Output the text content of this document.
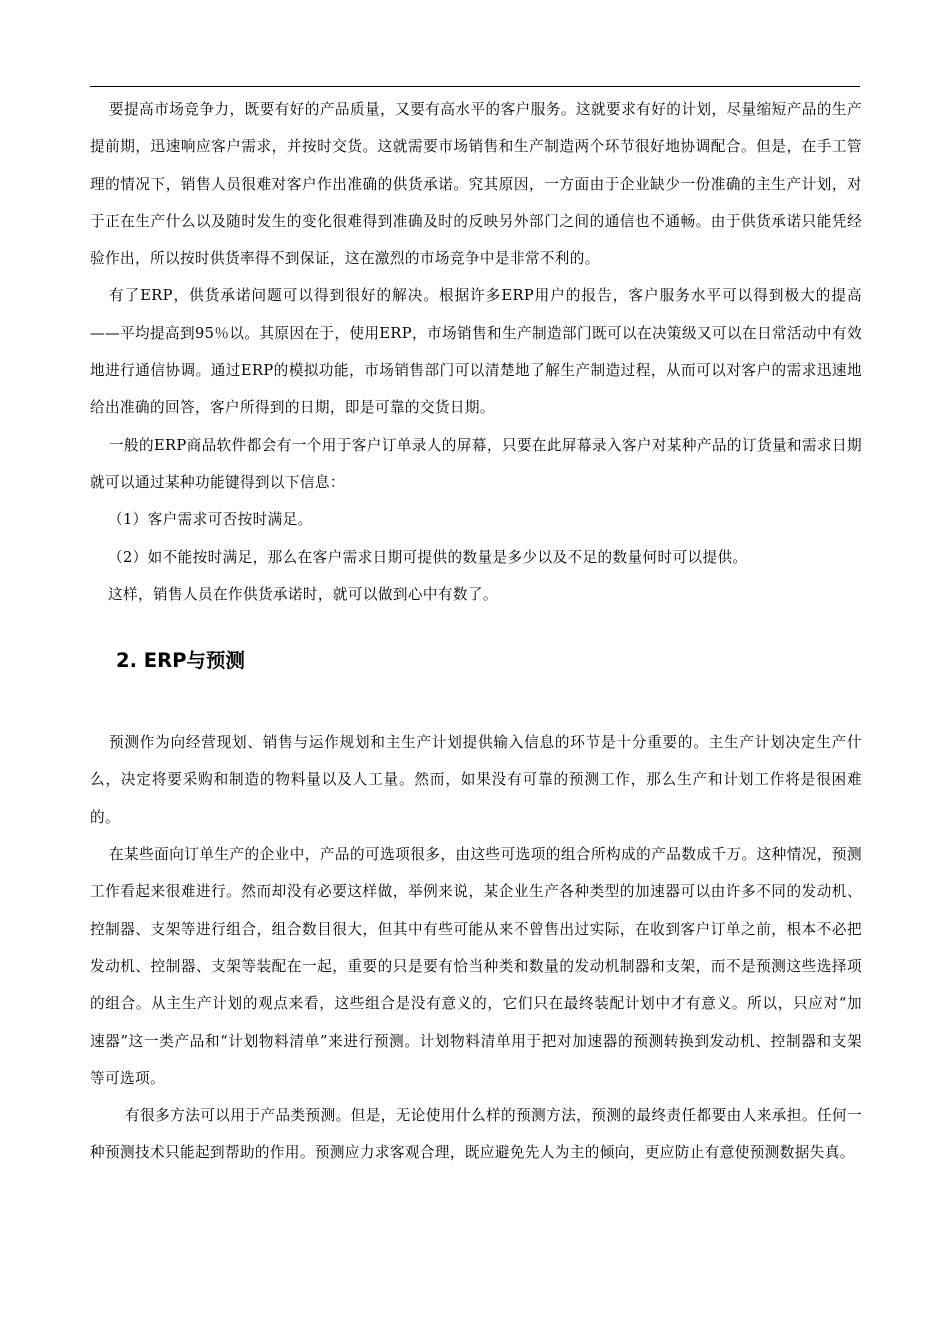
要提高市场竞争力，既要有好的产品质量，又要有高水平的客户服务。这就要求有好的计划，尽量缩短产品的生产提前期，迅速响应客户需求，并按时交货。这就需要市场销售和生产制造两个环节很好地协调配合。但是，在手工管理的情况下，销售人员很难对客户作出准确的供货承诺。究其原因，一方面由于企业缺少一份准确的主生产计划，对于正在生产什么以及随时发生的变化很难得到准确及时的反映另外部门之间的通信也不通畅。由于供货承诺只能凭经验作出，所以按时供货率得不到保证，这在激烈的市场竞争中是非常不利的。

有了ERP，供货承诺问题可以得到很好的解决。根据许多ERP用户的报告，客户服务水平可以得到极大的提高——平均提高到95％以。其原因在于，使用ERP，市场销售和生产制造部门既可以在决策级又可以在日常活动中有效地进行通信协调。通过ERP的模拟功能，市场销售部门可以清楚地了解生产制造过程，从而可以对客户的需求迅速地给出准确的回答，客户所得到的日期，即是可靠的交货日期。

一般的ERP商品软件都会有一个用于客户订单录人的屏幕，只要在此屏幕录入客户对某种产品的订货量和需求日期就可以通过某种功能键得到以下信息：

（1）客户需求可否按时满足。

（2）如不能按时满足，那么在客户需求日期可提供的数量是多少以及不足的数量何时可以提供。

这样，销售人员在作供货承诺时，就可以做到心中有数了。

2. ERP与预测

预测作为向经营现划、销售与运作规划和主生产计划提供输入信息的环节是十分重要的。主生产计划决定生产什么，决定将要采购和制造的物料量以及人工量。然而，如果没有可靠的预测工作，那么生产和计划工作将是很困难的。

在某些面向订单生产的企业中，产品的可选项很多，由这些可选项的组合所构成的产品数成千万。这种情况，预测工作看起来很难进行。然而却没有必要这样做，举例来说，某企业生产各种类型的加速器可以由许多不同的发动机、控制器、支架等进行组合，组合数目很大，但其中有些可能从来不曾售出过实际，在收到客户订单之前，根本不必把发动机、控制器、支架等装配在一起，重要的只是要有恰当种类和数量的发动机制器和支架，而不是预测这些选择项的组合。从主生产计划的观点来看，这些组合是没有意义的，它们只在最终装配计划中才有意义。所以，只应对“加速器”这一类产品和“计划物料清单”来进行预测。计划物料清单用于把对加速器的预测转换到发动机、控制器和支架等可选项。

有很多方法可以用于产品类预测。但是，无论使用什么样的预测方法，预测的最终责任都要由人来承担。任何一种预测技术只能起到帮助的作用。预测应力求客观合理，既应避免先人为主的倾向，更应防止有意使预测数据失真。
